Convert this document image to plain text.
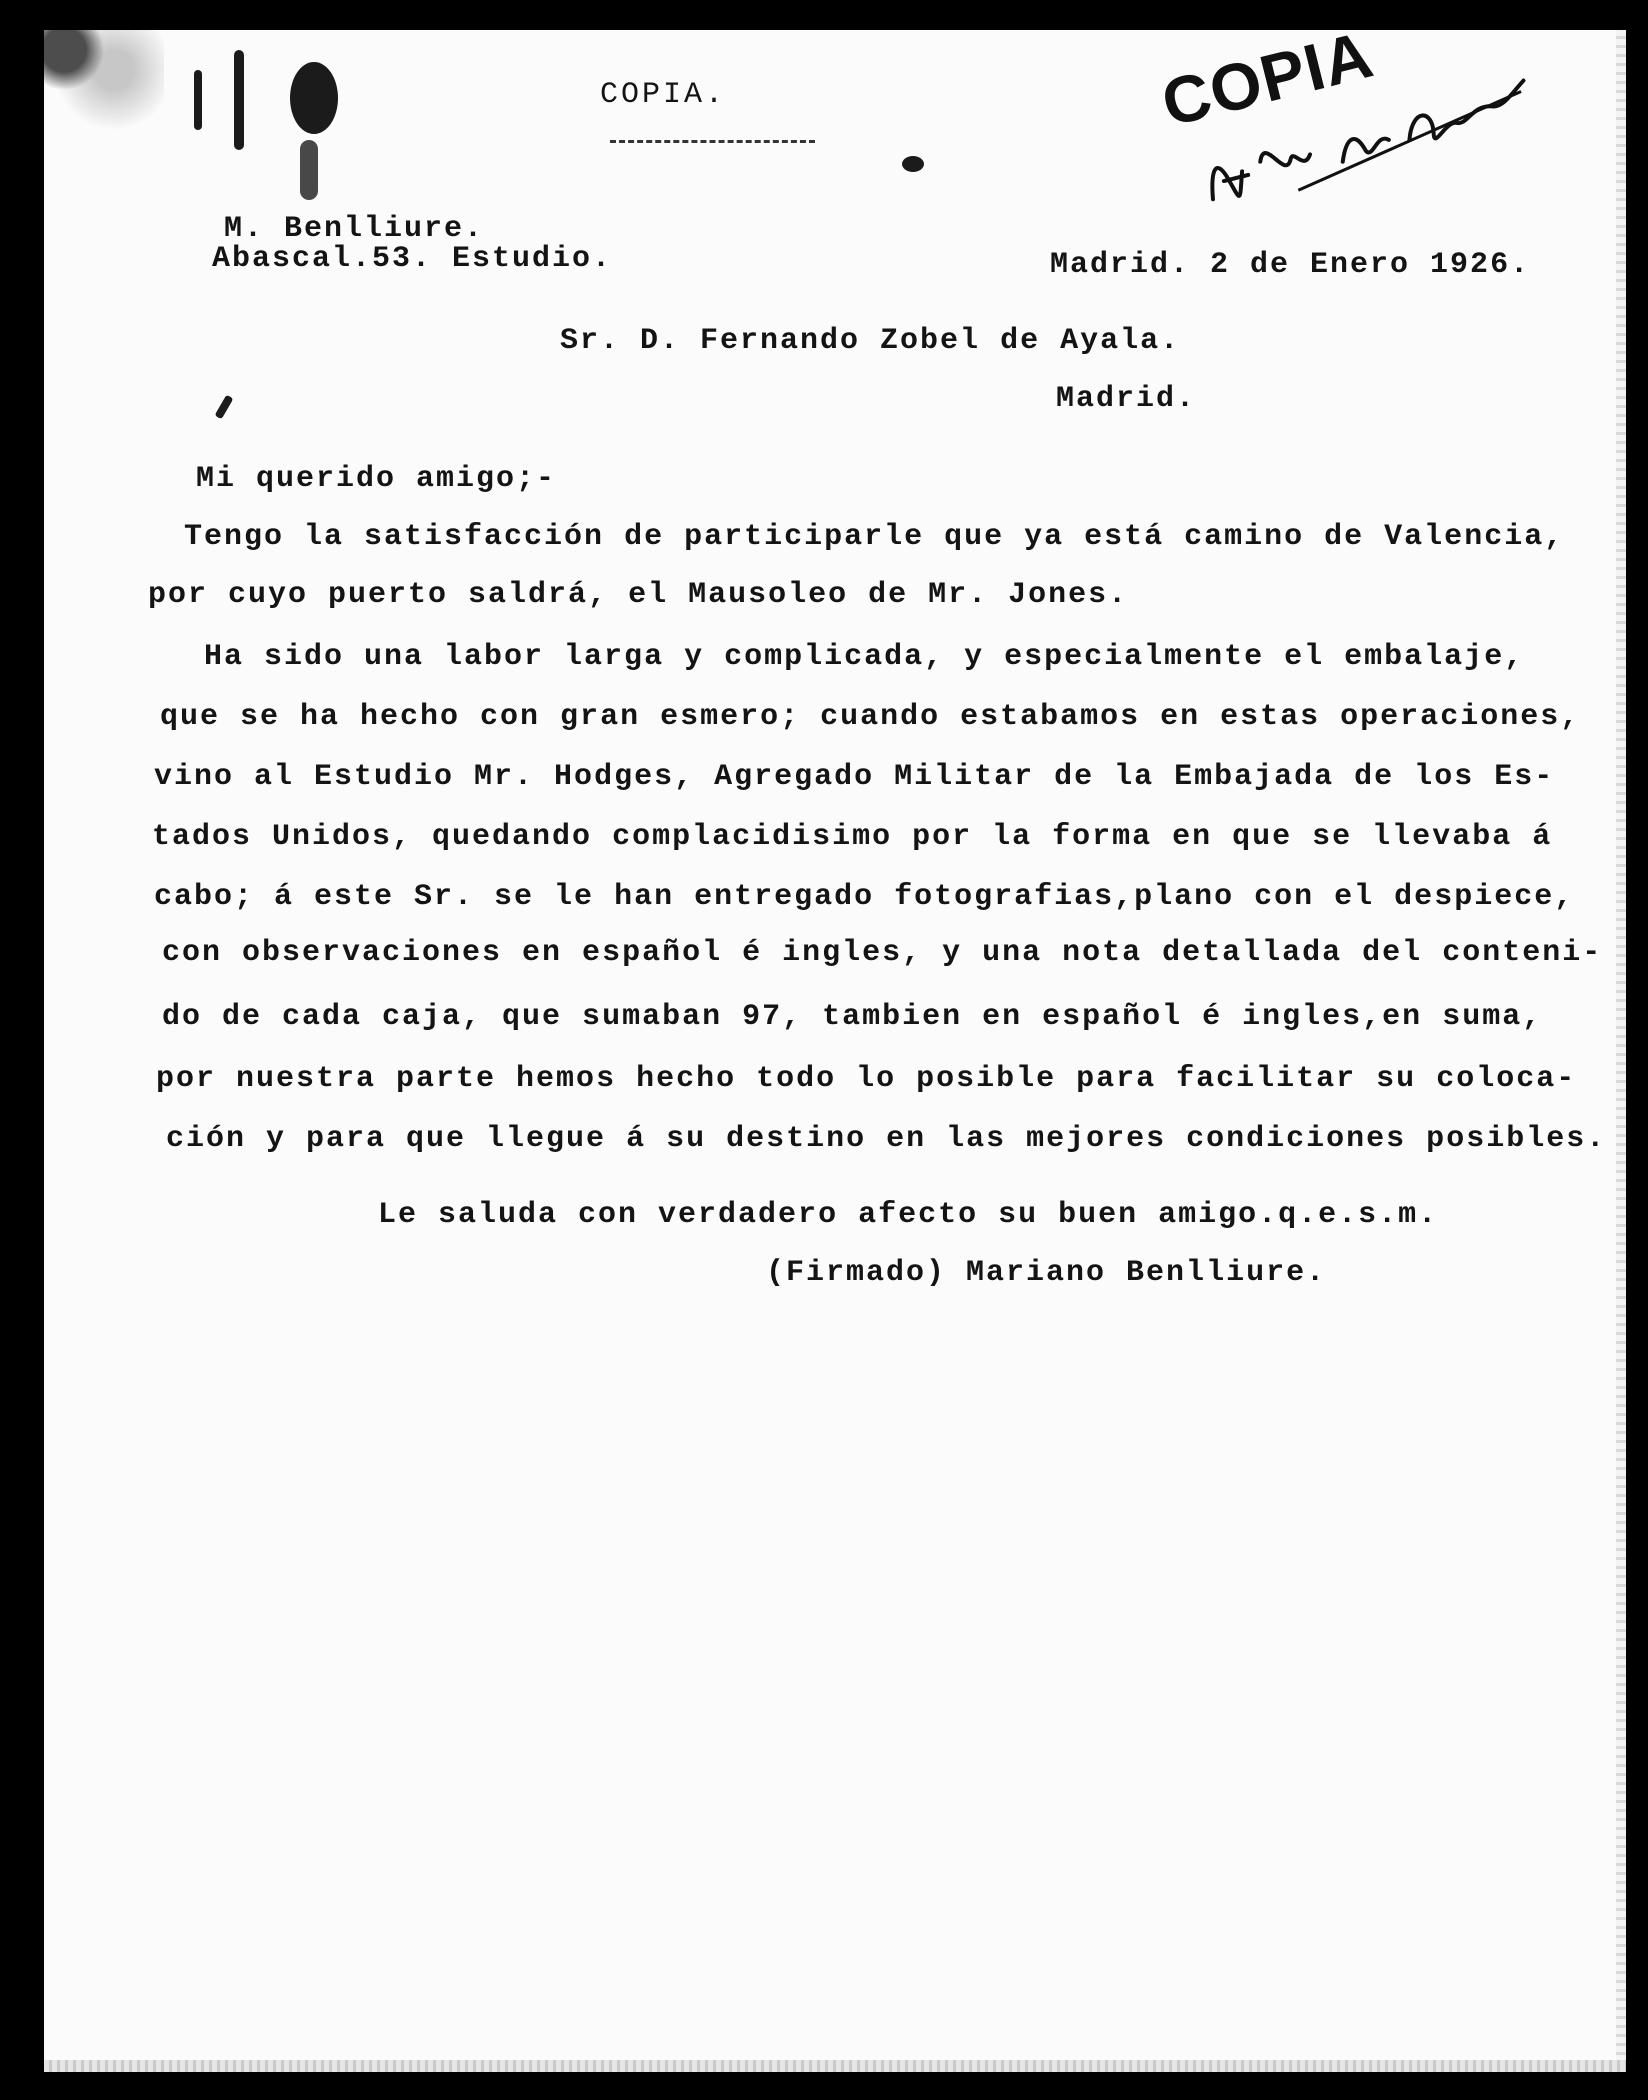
COPIA.	COPIA
M. Benlliure.
Abascal.53. Estudio.	Madrid. 2 de Enero 1926.
Sr. D. Fernando Zobel de Ayala.
Madrid.
Mi querido amigo;-
Tengo la satisfacción de participarle que ya está camino de Valencia,
por cuyo puerto saldrá, el Mausoleo de Mr. Jones.
Ha sido una labor larga y complicada, y especialmente el embalaje,
que se ha hecho con gran esmero; cuando estabamos en estas operaciones,
vino al Estudio Mr. Hodges, Agregado Militar de la Embajada de los Es-
tados Unidos, quedando complacidisimo por la forma en que se llevaba á
cabo; á este Sr. se le han entregado fotografias,plano con el despiece,
con observaciones en español é ingles, y una nota detallada del conteni-
do de cada caja, que sumaban 97, tambien en español é ingles,en suma,
por nuestra parte hemos hecho todo lo posible para facilitar su coloca-
ción y para que llegue á su destino en las mejores condiciones posibles.
Le saluda con verdadero afecto su buen amigo.q.e.s.m.
(Firmado) Mariano Benlliure.
